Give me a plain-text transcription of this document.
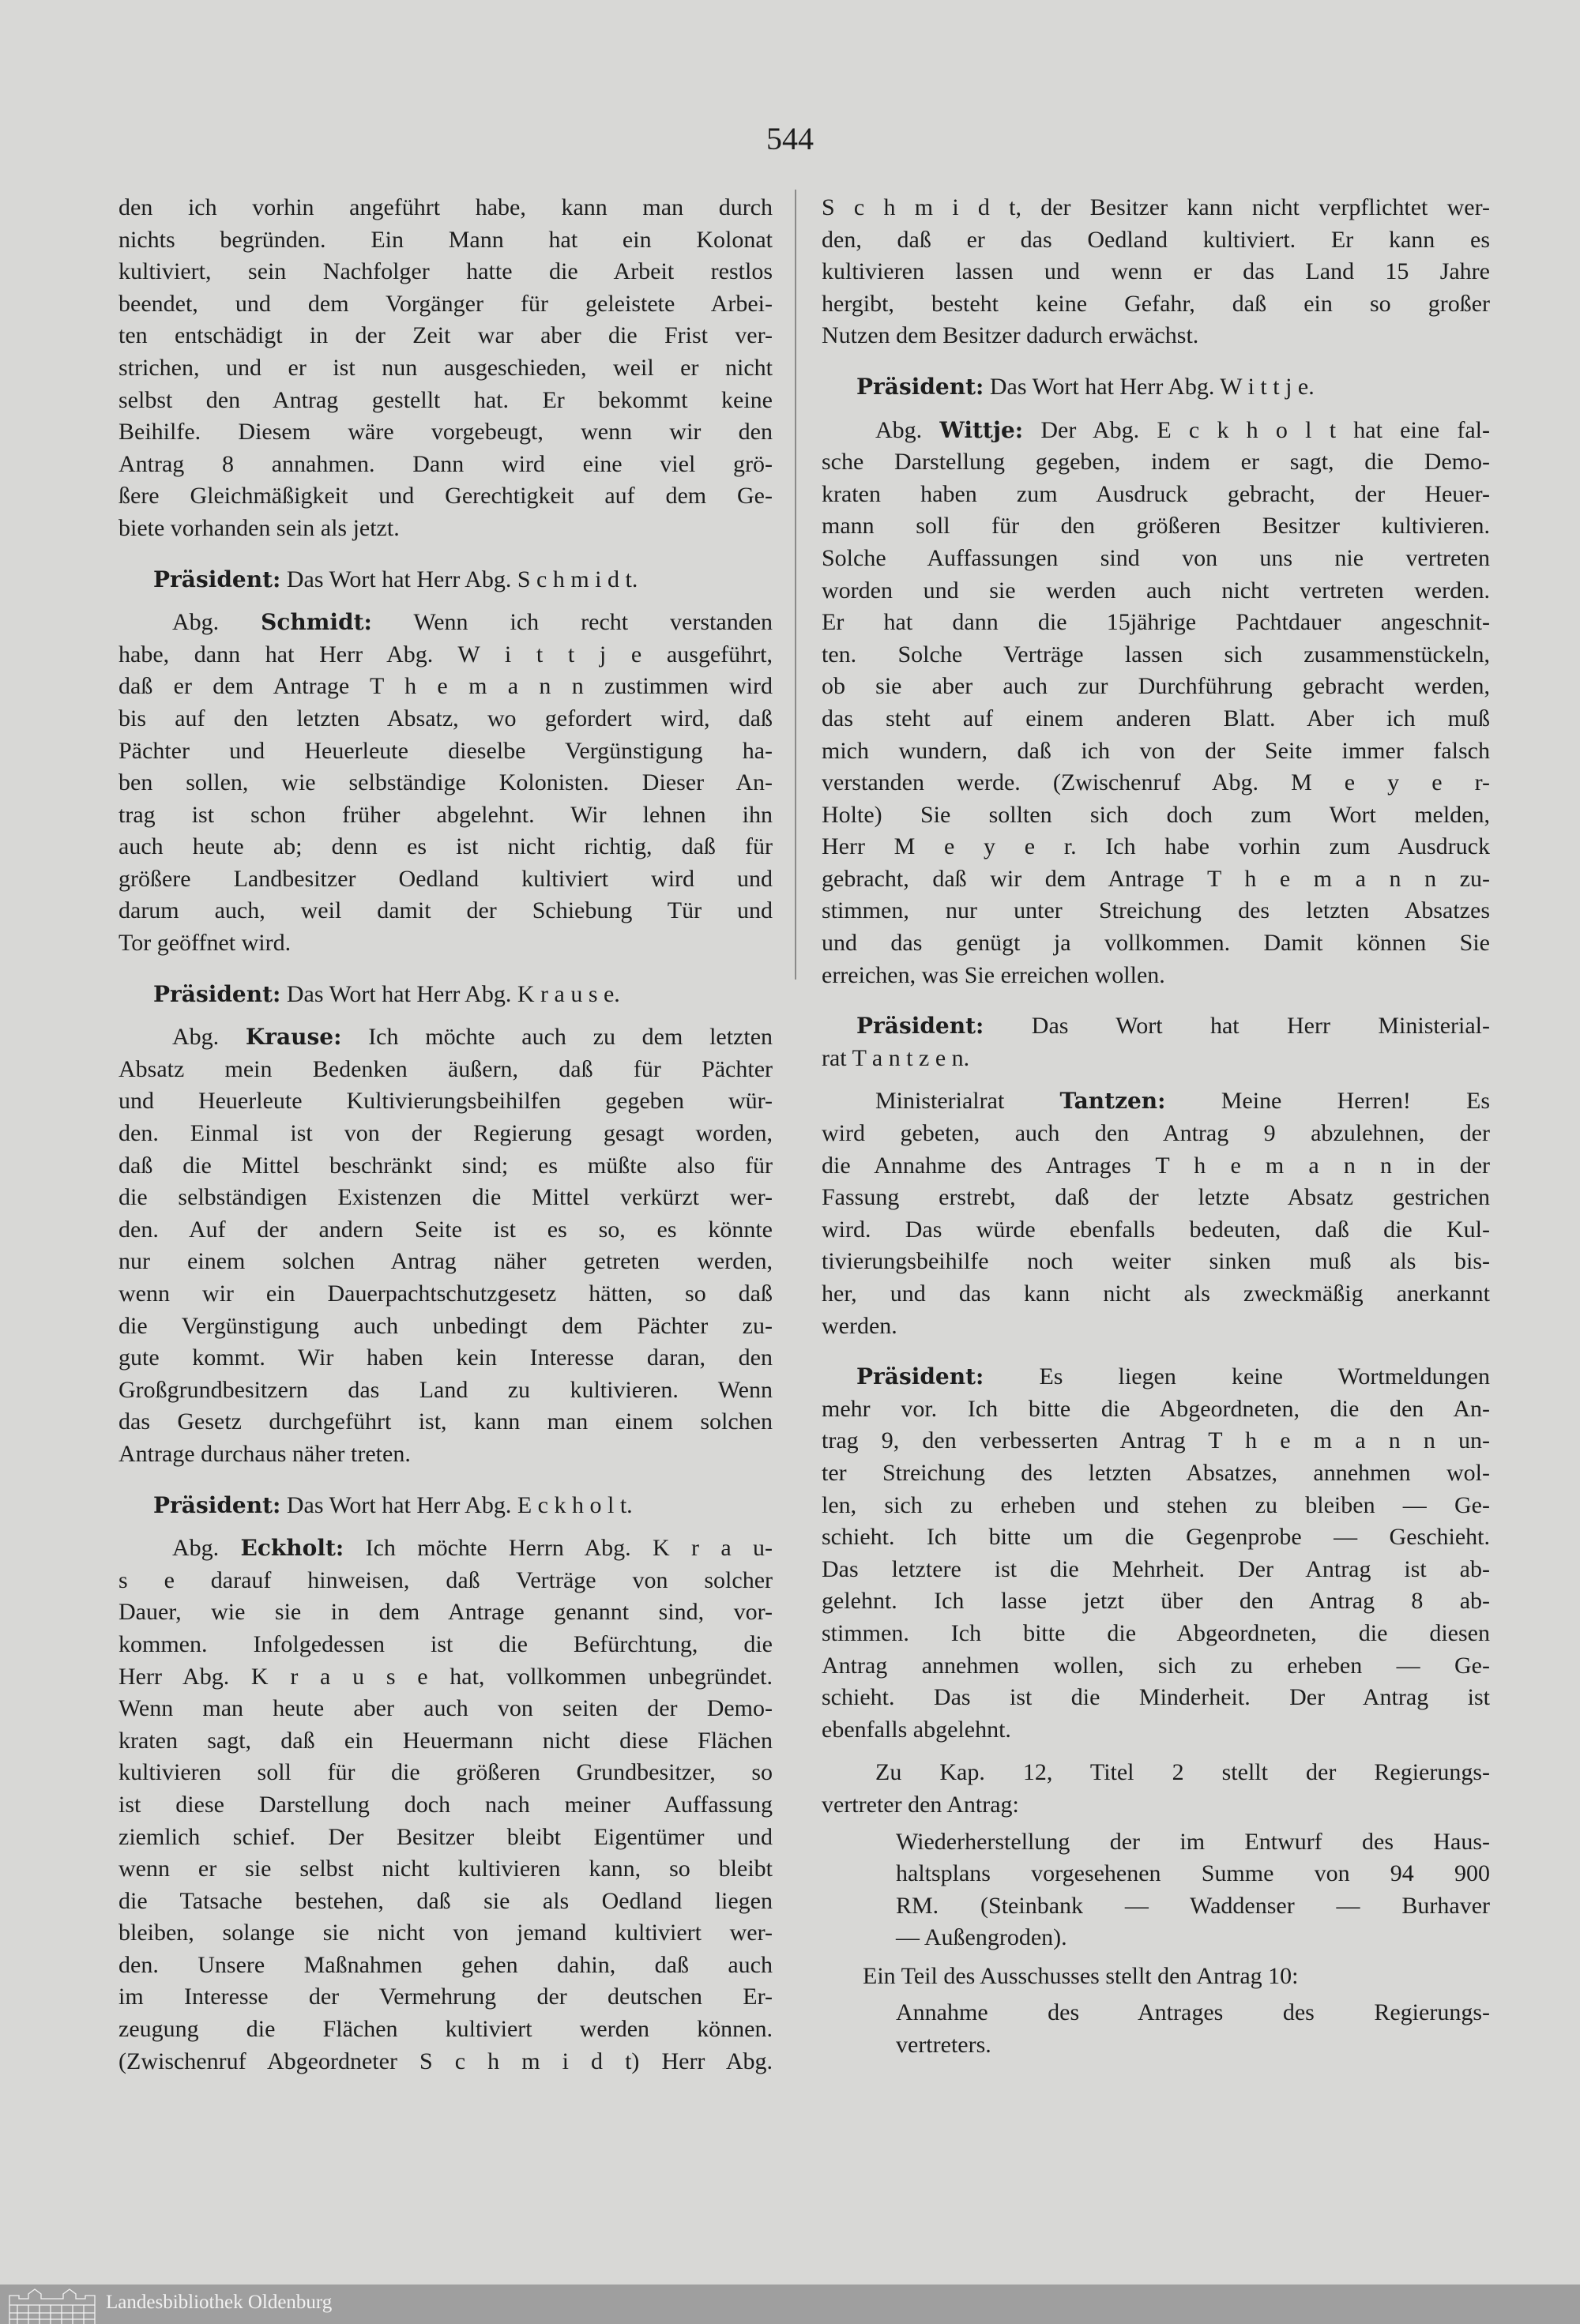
544
den ich vorhin angeführt habe, kann man durch
nichts begründen. Ein Mann hat ein Kolonat
kultiviert, sein Nachfolger hatte die Arbeit restlos
beendet, und dem Vorgänger für geleistete Arbei-
ten entschädigt in der Zeit war aber die Frist ver-
strichen, und er ist nun ausgeschieden, weil er nicht
selbst den Antrag gestellt hat. Er bekommt keine
Beihilfe. Diesem wäre vorgebeugt, wenn wir den
Antrag 8 annahmen. Dann wird eine viel grö-
ßere Gleichmäßigkeit und Gerechtigkeit auf dem Ge-
biete vorhanden sein als jetzt.
Präsident: Das Wort hat Herr Abg. S c h m i d t.
Abg. Schmidt: Wenn ich recht verstanden
habe, dann hat Herr Abg. W i t t j e ausgeführt,
daß er dem Antrage T h e m a n n zustimmen wird
bis auf den letzten Absatz, wo gefordert wird, daß
Pächter und Heuerleute dieselbe Vergünstigung ha-
ben sollen, wie selbständige Kolonisten. Dieser An-
trag ist schon früher abgelehnt. Wir lehnen ihn
auch heute ab; denn es ist nicht richtig, daß für
größere Landbesitzer Oedland kultiviert wird und
darum auch, weil damit der Schiebung Tür und
Tor geöffnet wird.
Präsident: Das Wort hat Herr Abg. K r a u s e.
Abg. Krause: Ich möchte auch zu dem letzten
Absatz mein Bedenken äußern, daß für Pächter
und Heuerleute Kultivierungsbeihilfen gegeben wür-
den. Einmal ist von der Regierung gesagt worden,
daß die Mittel beschränkt sind; es müßte also für
die selbständigen Existenzen die Mittel verkürzt wer-
den. Auf der andern Seite ist es so, es könnte
nur einem solchen Antrag näher getreten werden,
wenn wir ein Dauerpachtschutzgesetz hätten, so daß
die Vergünstigung auch unbedingt dem Pächter zu-
gute kommt. Wir haben kein Interesse daran, den
Großgrundbesitzern das Land zu kultivieren. Wenn
das Gesetz durchgeführt ist, kann man einem solchen
Antrage durchaus näher treten.
Präsident: Das Wort hat Herr Abg. E c k h o l t.
Abg. Eckholt: Ich möchte Herrn Abg. K r a u-
s e darauf hinweisen, daß Verträge von solcher
Dauer, wie sie in dem Antrage genannt sind, vor-
kommen. Infolgedessen ist die Befürchtung, die
Herr Abg. K r a u s e hat, vollkommen unbegründet.
Wenn man heute aber auch von seiten der Demo-
kraten sagt, daß ein Heuermann nicht diese Flächen
kultivieren soll für die größeren Grundbesitzer, so
ist diese Darstellung doch nach meiner Auffassung
ziemlich schief. Der Besitzer bleibt Eigentümer und
wenn er sie selbst nicht kultivieren kann, so bleibt
die Tatsache bestehen, daß sie als Oedland liegen
bleiben, solange sie nicht von jemand kultiviert wer-
den. Unsere Maßnahmen gehen dahin, daß auch
im Interesse der Vermehrung der deutschen Er-
zeugung die Flächen kultiviert werden können.
(Zwischenruf Abgeordneter S c h m i d t) Herr Abg.
S c h m i d t, der Besitzer kann nicht verpflichtet wer-
den, daß er das Oedland kultiviert. Er kann es
kultivieren lassen und wenn er das Land 15 Jahre
hergibt, besteht keine Gefahr, daß ein so großer
Nutzen dem Besitzer dadurch erwächst.
Präsident: Das Wort hat Herr Abg. W i t t j e.
Abg. Wittje: Der Abg. E c k h o l t hat eine fal-
sche Darstellung gegeben, indem er sagt, die Demo-
kraten haben zum Ausdruck gebracht, der Heuer-
mann soll für den größeren Besitzer kultivieren.
Solche Auffassungen sind von uns nie vertreten
worden und sie werden auch nicht vertreten werden.
Er hat dann die 15jährige Pachtdauer angeschnit-
ten. Solche Verträge lassen sich zusammenstückeln,
ob sie aber auch zur Durchführung gebracht werden,
das steht auf einem anderen Blatt. Aber ich muß
mich wundern, daß ich von der Seite immer falsch
verstanden werde. (Zwischenruf Abg. M e y e r-
Holte) Sie sollten sich doch zum Wort melden,
Herr M e y e r. Ich habe vorhin zum Ausdruck
gebracht, daß wir dem Antrage T h e m a n n zu-
stimmen, nur unter Streichung des letzten Absatzes
und das genügt ja vollkommen. Damit können Sie
erreichen, was Sie erreichen wollen.
Präsident: Das Wort hat Herr Ministerial-
rat T a n t z e n.
Ministerialrat	Tantzen: Meine Herren! Es
wird gebeten, auch den Antrag 9 abzulehnen, der
die Annahme des Antrages T h e m a n n in der
Fassung erstrebt, daß der letzte Absatz gestrichen
wird. Das würde ebenfalls bedeuten, daß die Kul-
tivierungsbeihilfe noch weiter sinken muß als bis-
her, und das kann nicht als zweckmäßig anerkannt
werden.
Präsident: Es liegen keine Wortmeldungen
mehr vor. Ich bitte die Abgeordneten, die den An-
trag 9, den verbesserten Antrag T h e m a n n un-
ter Streichung des letzten Absatzes, annehmen wol-
len, sich zu erheben und stehen zu bleiben — Ge-
schieht. Ich bitte um die Gegenprobe — Geschieht.
Das letztere ist die Mehrheit. Der Antrag ist ab-
gelehnt. Ich lasse jetzt über den Antrag 8 ab-
stimmen. Ich bitte die Abgeordneten, die diesen
Antrag annehmen wollen, sich zu erheben — Ge-
schieht. Das ist die Minderheit. Der Antrag ist
ebenfalls abgelehnt.
Zu Kap. 12, Titel 2 stellt der Regierungs-
vertreter den Antrag:
Wiederherstellung der im Entwurf des Haus-
haltsplans vorgesehenen Summe von 94 900
RM. (Steinbank — Waddenser — Burhaver
— Außengroden).
Ein Teil des Ausschusses stellt den Antrag 10:
Annahme des Antrages des Regierungs-
vertreters.
Landesbibliothek Oldenburg
